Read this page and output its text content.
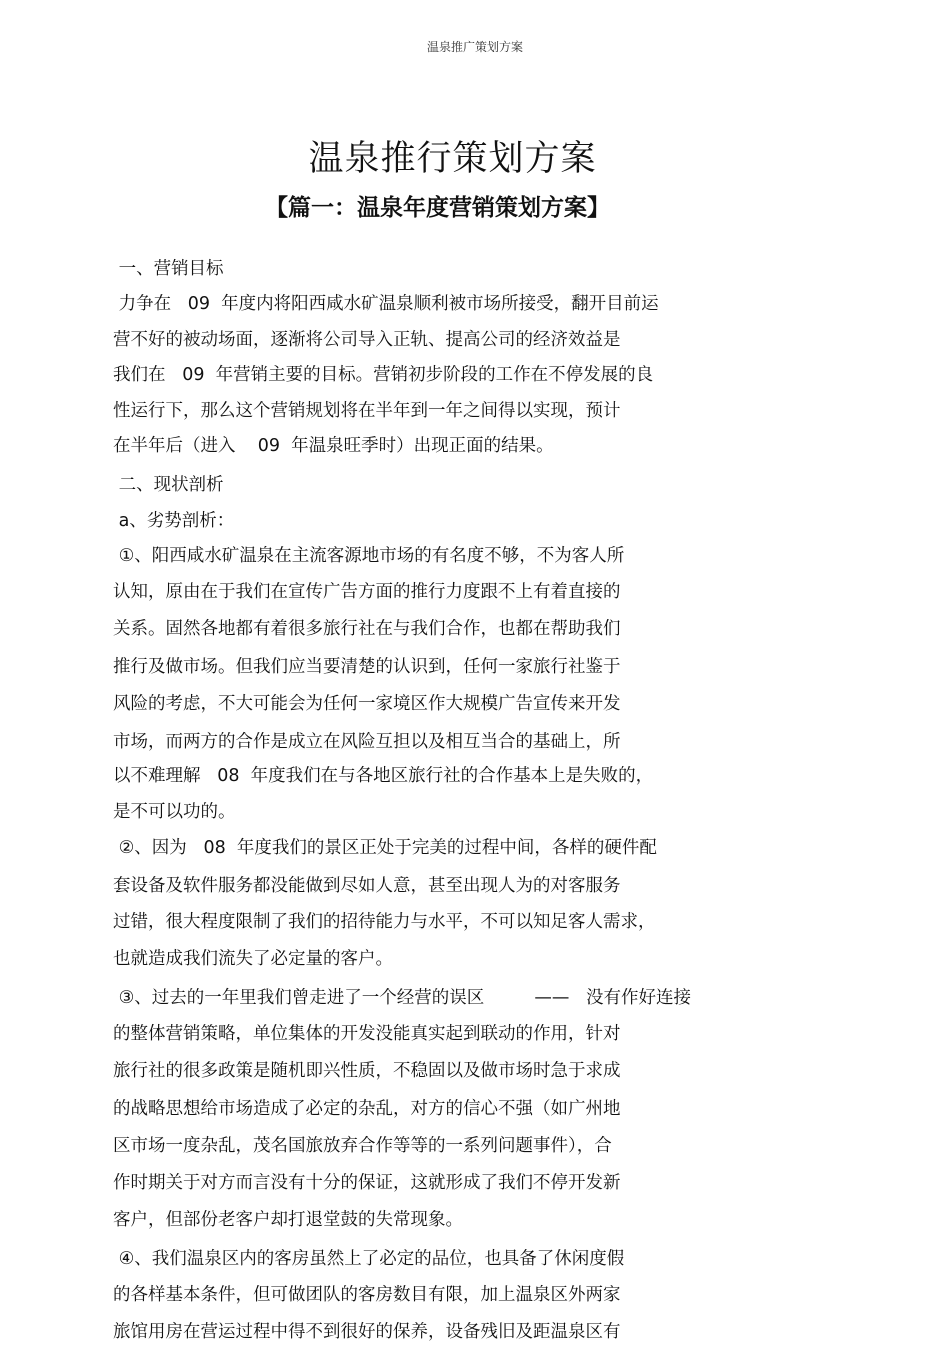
温泉推广策划方案
温泉推行策划方案
【篇一：温泉年度营销策划方案】

一、营销目标

力争在   09  年度内将阳西咸水矿温泉顺利被市场所接受，翻开目前运

营不好的被动场面，逐渐将公司导入正轨、提高公司的经济效益是

我们在   09  年营销主要的目标。营销初步阶段的工作在不停发展的良

性运行下，那么这个营销规划将在半年到一年之间得以实现，预计

在半年后（进入    09  年温泉旺季时）出现正面的结果。

二、现状剖析

a、劣势剖析：

①、阳西咸水矿温泉在主流客源地市场的有名度不够，不为客人所

认知，原由在于我们在宣传广告方面的推行力度跟不上有着直接的

关系。固然各地都有着很多旅行社在与我们合作，也都在帮助我们

推行及做市场。但我们应当要清楚的认识到，任何一家旅行社鉴于

风险的考虑，不大可能会为任何一家境区作大规模广告宣传来开发

市场，而两方的合作是成立在风险互担以及相互当合的基础上，所

以不难理解   08  年度我们在与各地区旅行社的合作基本上是失败的，

是不可以功的。

②、因为   08  年度我们的景区正处于完美的过程中间，各样的硬件配

套设备及软件服务都没能做到尽如人意，甚至出现人为的对客服务

过错，很大程度限制了我们的招待能力与水平，不可以知足客人需求，

也就造成我们流失了必定量的客户。

③、过去的一年里我们曾走进了一个经营的误区         ——   没有作好连接

的整体营销策略，单位集体的开发没能真实起到联动的作用，针对

旅行社的很多政策是随机即兴性质，不稳固以及做市场时急于求成

的战略思想给市场造成了必定的杂乱，对方的信心不强（如广州地

区市场一度杂乱，茂名国旅放弃合作等等的一系列问题事件），合

作时期关于对方而言没有十分的保证，这就形成了我们不停开发新

客户，但部份老客户却打退堂鼓的失常现象。

④、我们温泉区内的客房虽然上了必定的品位，也具备了休闲度假

的各样基本条件，但可做团队的客房数目有限，加上温泉区外两家

旅馆用房在营运过程中得不到很好的保养，设备残旧及距温泉区有
